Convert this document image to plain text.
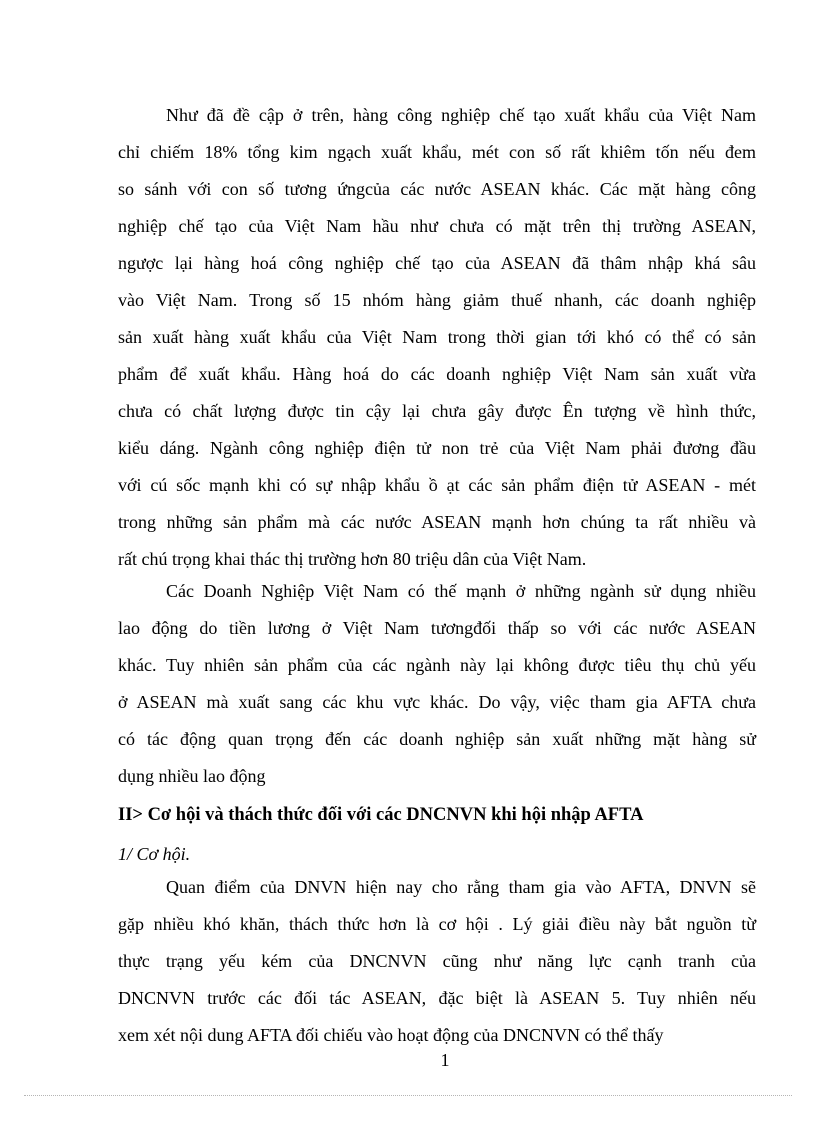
Như đã đề cập ở trên, hàng công nghiệp chế tạo xuất khẩu của Việt Nam
chỉ chiếm 18% tổng kim ngạch xuất khẩu, mét con số rất khiêm tốn nếu đem
so sánh với con số tương ứngcủa các nước ASEAN khác. Các mặt hàng công
nghiệp chế tạo của Việt Nam hầu như chưa có mặt trên thị trường ASEAN,
ngược lại hàng hoá công nghiệp chế tạo của ASEAN đã thâm nhập khá sâu
vào Việt Nam. Trong số 15 nhóm hàng giảm thuế nhanh, các doanh nghiệp
sản xuất hàng xuất khẩu của Việt Nam trong thời gian tới khó có thể có sản
phẩm để xuất khẩu. Hàng hoá do các doanh nghiệp Việt Nam sản xuất vừa
chưa có chất lượng được tin cậy lại chưa gây được Ên tượng về hình thức,
kiểu dáng. Ngành công nghiệp điện tử non trẻ của Việt Nam phải đương đầu
với cú sốc mạnh khi có sự nhập khẩu ồ ạt các sản phẩm điện tử ASEAN - mét
trong những sản phẩm mà các nước ASEAN mạnh hơn chúng ta rất nhiều và
rất chú trọng khai thác thị trường hơn 80 triệu dân của Việt Nam.
Các Doanh Nghiệp Việt Nam có thế mạnh ở những ngành sử dụng nhiều
lao động do tiền lương ở Việt Nam tươngđối thấp so với các nước ASEAN
khác. Tuy nhiên sản phẩm của các ngành này lại không được tiêu thụ chủ yếu
ở ASEAN mà xuất sang các khu vực khác. Do vậy, việc tham gia AFTA chưa
có tác động quan trọng đến các doanh nghiệp sản xuất những mặt hàng sử
dụng nhiều lao động
II> Cơ hội và thách thức đối với các DNCNVN khi hội nhập AFTA
1/ Cơ hội.
Quan điểm của DNVN hiện nay cho rằng tham gia vào AFTA, DNVN sẽ
gặp nhiều khó khăn, thách thức hơn là cơ hội . Lý giải điều này bắt nguồn từ
thực trạng yếu kém của DNCNVN cũng như năng lực cạnh tranh của
DNCNVN trước các đối tác ASEAN, đặc biệt là ASEAN 5. Tuy nhiên nếu
xem xét nội dung AFTA đối chiếu vào hoạt động của DNCNVN có thể thấy
1
